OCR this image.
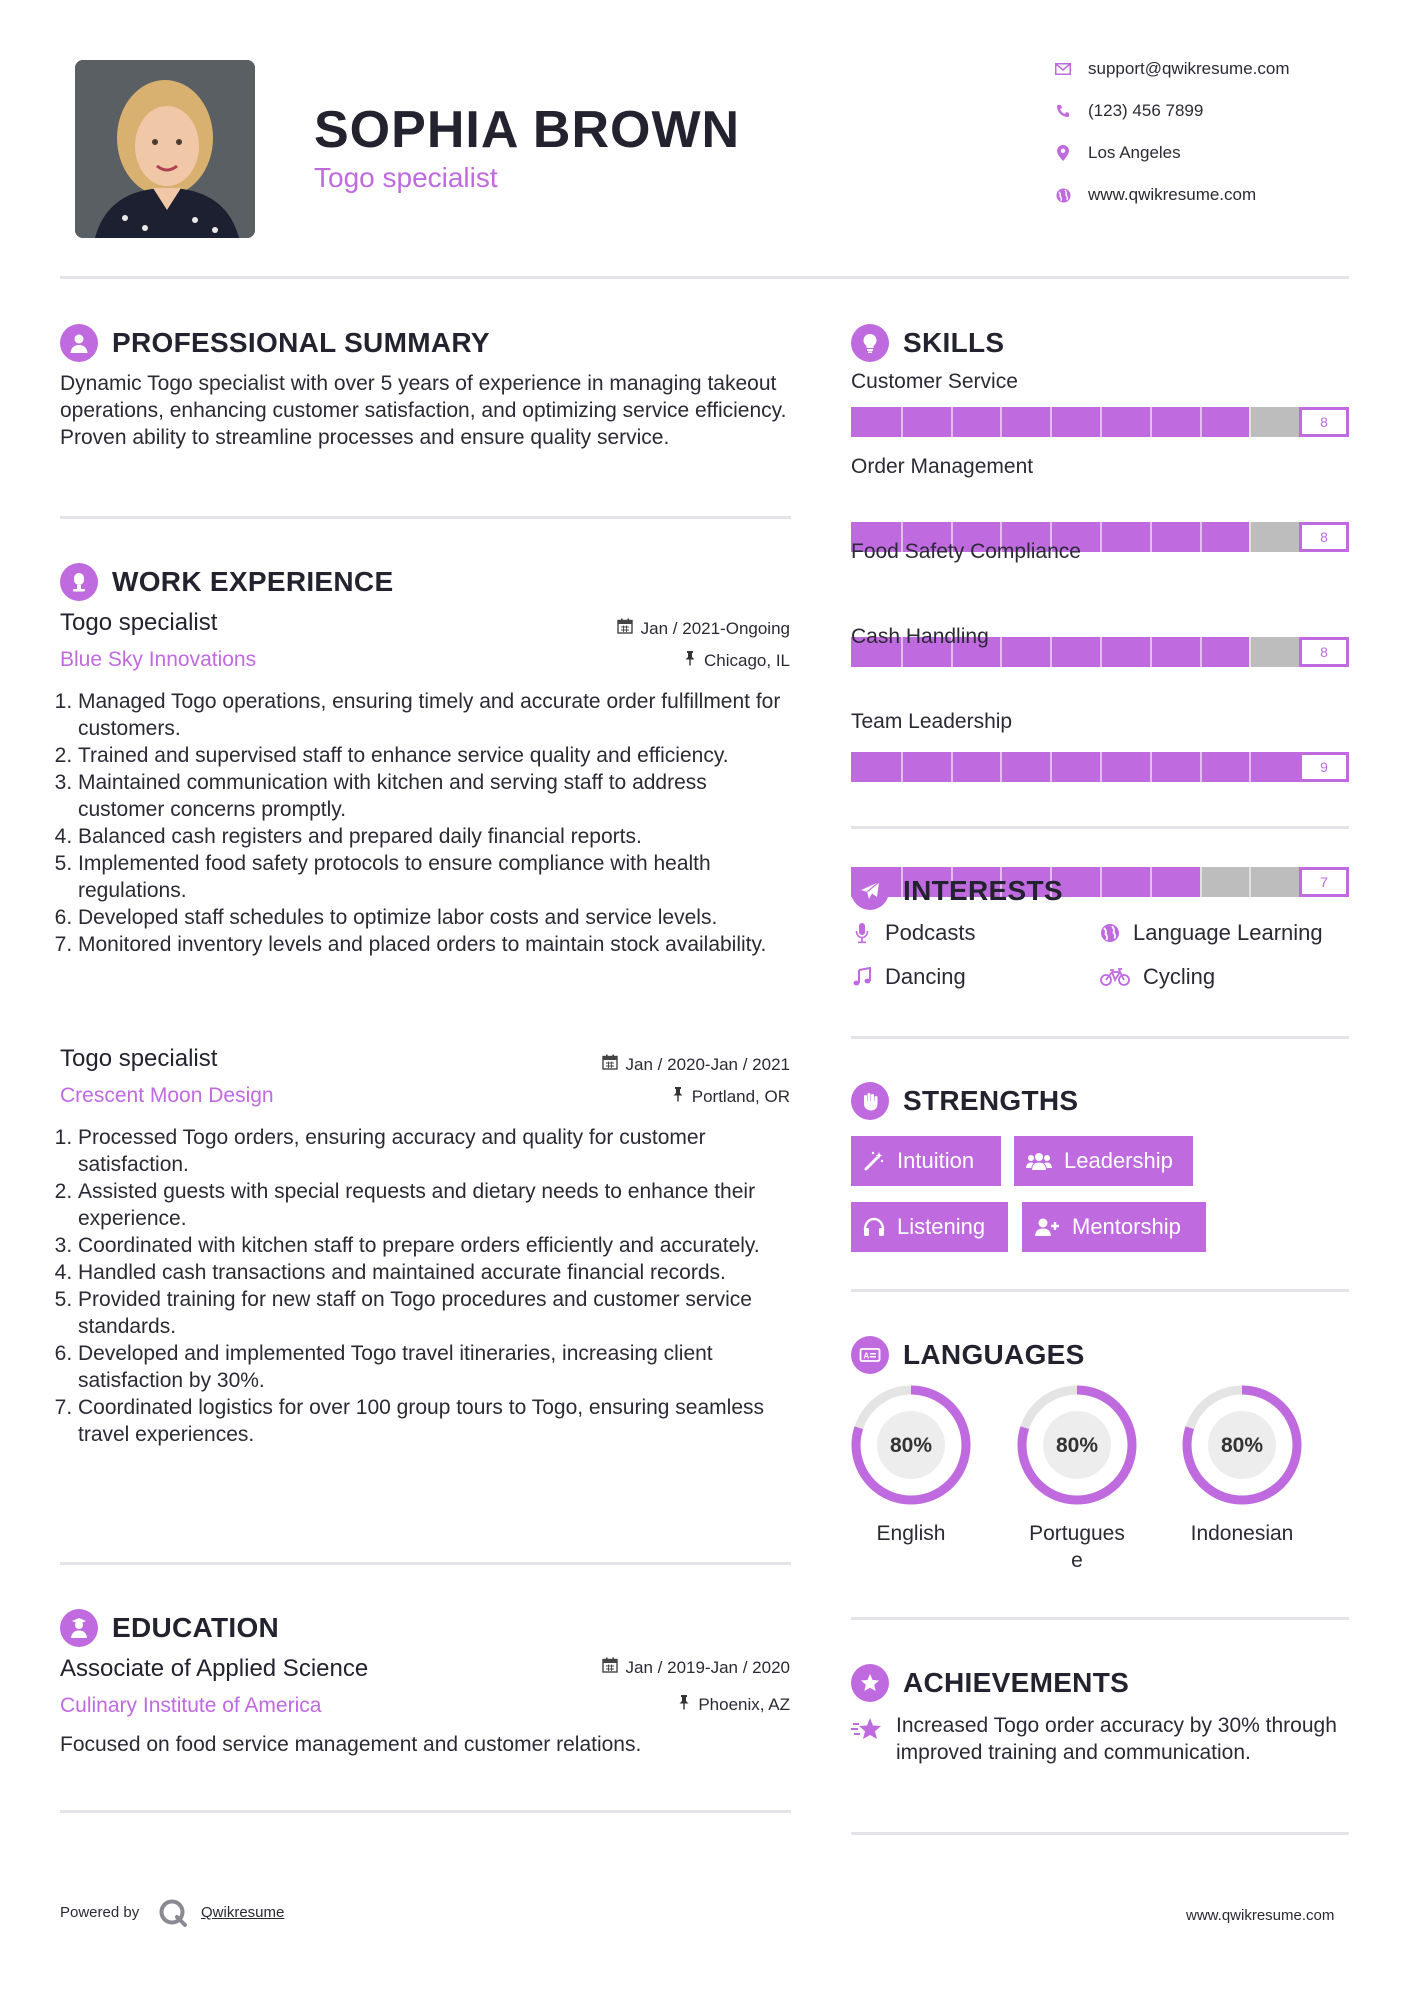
SOPHIA BROWN
Togo specialist
support@qwikresume.com
(123) 456 7899
Los Angeles
www.qwikresume.com
PROFESSIONAL SUMMARY
Dynamic Togo specialist with over 5 years of experience in managing takeout operations, enhancing customer satisfaction, and optimizing service efficiency. Proven ability to streamline processes and ensure quality service.
WORK EXPERIENCE
Togo specialist	Jan / 2021-Ongoing
Blue Sky Innovations	Chicago, IL
1. Managed Togo operations, ensuring timely and accurate order fulfillment for customers.
2. Trained and supervised staff to enhance service quality and efficiency.
3. Maintained communication with kitchen and serving staff to address customer concerns promptly.
4. Balanced cash registers and prepared daily financial reports.
5. Implemented food safety protocols to ensure compliance with health regulations.
6. Developed staff schedules to optimize labor costs and service levels.
7. Monitored inventory levels and placed orders to maintain stock availability.
Togo specialist	Jan / 2020-Jan / 2021
Crescent Moon Design	Portland, OR
1. Processed Togo orders, ensuring accuracy and quality for customer satisfaction.
2. Assisted guests with special requests and dietary needs to enhance their experience.
3. Coordinated with kitchen staff to prepare orders efficiently and accurately.
4. Handled cash transactions and maintained accurate financial records.
5. Provided training for new staff on Togo procedures and customer service standards.
6. Developed and implemented Togo travel itineraries, increasing client satisfaction by 30%.
7. Coordinated logistics for over 100 group tours to Togo, ensuring seamless travel experiences.
EDUCATION
Associate of Applied Science	Jan / 2019-Jan / 2020
Culinary Institute of America	Phoenix, AZ
Focused on food service management and customer relations.
SKILLS
Customer Service
8
Order Management
8
Food Safety Compliance
8
Cash Handling
9
Team Leadership
7
INTERESTS
Podcasts	Language Learning
Dancing	Cycling
STRENGTHS
Intuition	Leadership
Listening	Mentorship
A LANGUAGES
80%
English
80%
Portugues
e
80%
Indonesian
ACHIEVEMENTS
Increased Togo order accuracy by 30% through improved training and communication.
Powered by	Qwikresume	www.qwikresume.com
